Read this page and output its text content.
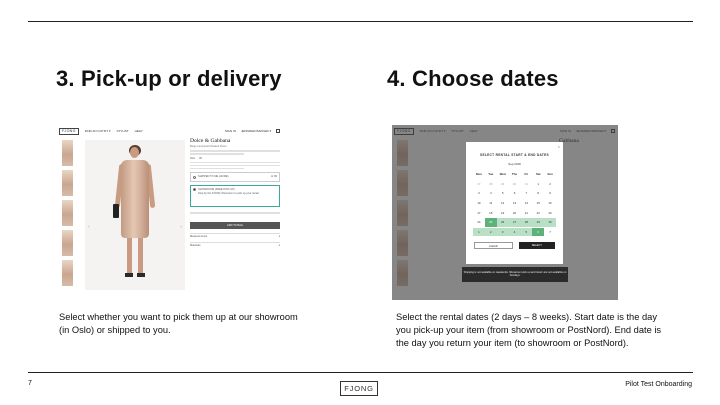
3. Pick-up or delivery	4. Choose dates
FJONG	FIND AN OUTFIT ▾ STYLIST HELP	SIGN IN JENNIFER BAKKER ▾
‹	›
Dolce & Gabbana
Beige Lacquered Pleated Dress
Size 36
SHIPPED TO ME (HOME)	kr 99
SHOWROOM (FREE PICK-UP)
Stop by the FJONG Showroom to pick up your rental.
ADD TO BAG
Measurements	▾
Materials	▾
×
SELECT RENTAL START & END DATES
Sep 2018
Mon	Tue	Wed	Thu	Fri	Sat	Sun
27	28	29	30	31	1	2
3	4	5	6	7	8	9
10	11	12	13	14	15	16
17	18	19	20	21	22	23
24	25	26	27	28	29	30
1	2	3	4	5	6	7
CLEAR	SELECT
Shipping is not available on weekends. Showroom pick up and return are not available on Sundays.

Select whether you want to pick them up at our showroom (in Oslo) or shipped to you.

Select the rental dates (2 days – 8 weeks). Start date is the day you pick-up your item (from showroom or PostNord). End date is the day you return your item (to showroom or PostNord).

7
FJONG	Pilot Test Onboarding
